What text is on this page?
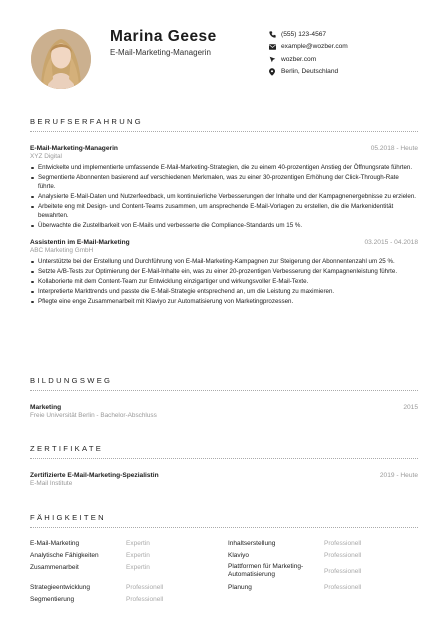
Marina Geese
E-Mail-Marketing-Managerin
(555) 123-4567
example@wozber.com
wozber.com
Berlin, Deutschland
BERUFSERFAHRUNG
E-Mail-Marketing-Managerin	05.2018 - Heute
XYZ Digital
Entwickelte und implementierte umfassende E-Mail-Marketing-Strategien, die zu einem 40-prozentigen Anstieg der Öffnungsrate führten.
Segmentierte Abonnenten basierend auf verschiedenen Merkmalen, was zu einer 30-prozentigen Erhöhung der Click-Through-Rate führte.
Analysierte E-Mail-Daten und Nutzerfeedback, um kontinuierliche Verbesserungen der Inhalte und der Kampagnenergebnisse zu erzielen.
Arbeitete eng mit Design- und Content-Teams zusammen, um ansprechende E-Mail-Vorlagen zu erstellen, die die Markenidentität bewahrten.
Überwachte die Zustellbarkeit von E-Mails und verbesserte die Compliance-Standards um 15 %.
Assistentin im E-Mail-Marketing	03.2015 - 04.2018
ABC Marketing GmbH
Unterstützte bei der Erstellung und Durchführung von E-Mail-Marketing-Kampagnen zur Steigerung der Abonnentenzahl um 25 %.
Setzte A/B-Tests zur Optimierung der E-Mail-Inhalte ein, was zu einer 20-prozentigen Verbesserung der Kampagnenleistung führte.
Kollaborierte mit dem Content-Team zur Entwicklung einzigartiger und wirkungsvoller E-Mail-Texte.
Interpretierte Markttrends und passte die E-Mail-Strategie entsprechend an, um die Leistung zu maximieren.
Pflegte eine enge Zusammenarbeit mit Klaviyo zur Automatisierung von Marketingprozessen.
BILDUNGSWEG
Marketing	2015
Freie Universität Berlin - Bachelor-Abschluss
ZERTIFIKATE
Zertifizierte E-Mail-Marketing-Spezialistin	2019 - Heute
E-Mail Institute
FÄHIGKEITEN
E-Mail-Marketing	Expertin	Inhaltserstellung	Professionell
Analytische Fähigkeiten	Expertin	Klaviyo	Professionell
Zusammenarbeit	Expertin	Plattformen für Marketing-Automatisierung	Professionell
Strategieentwicklung	Professionell	Planung	Professionell
Segmentierung	Professionell
